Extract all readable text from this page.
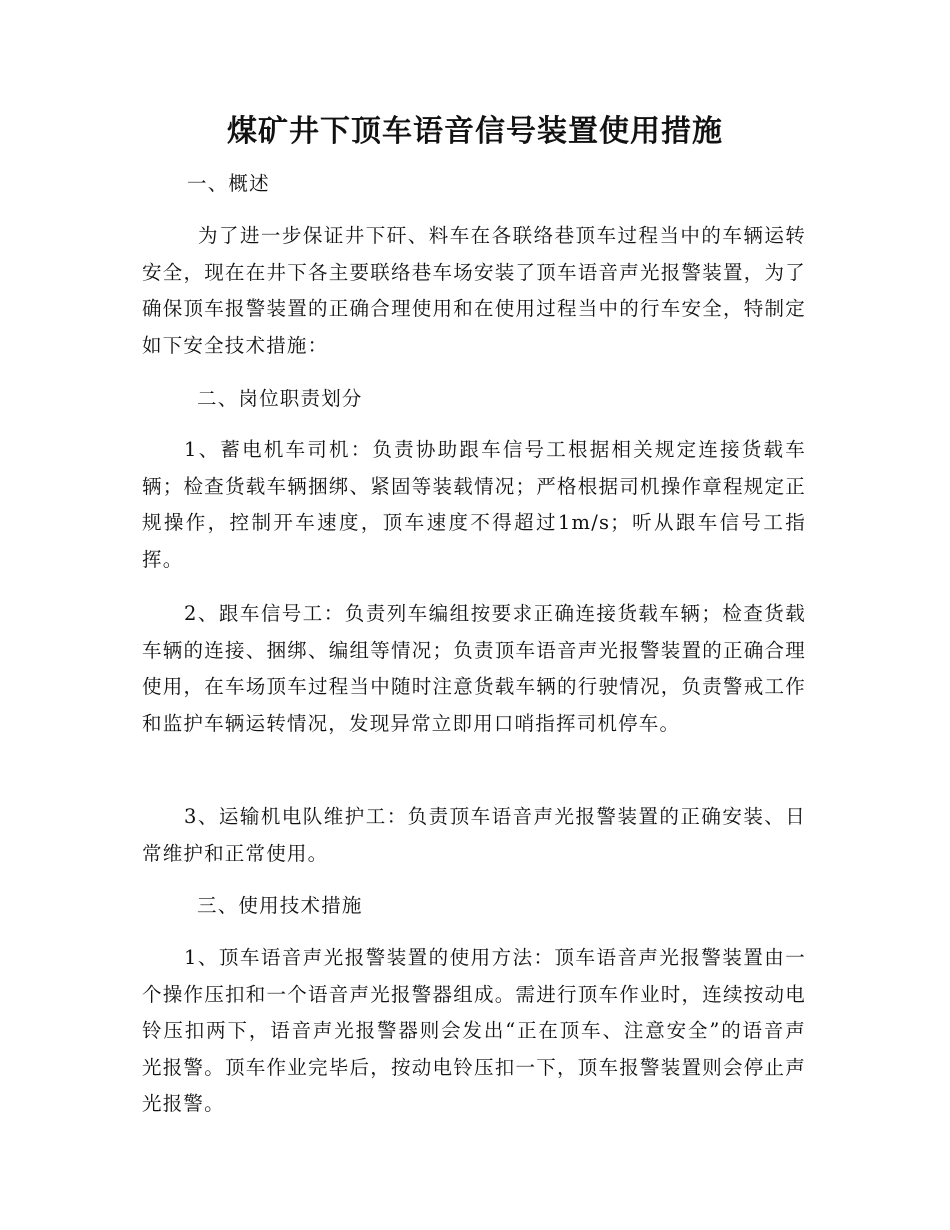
煤矿井下顶车语音信号装置使用措施

一、概述

为了进一步保证井下矸、料车在各联络巷顶车过程当中的车辆运转安全，现在在井下各主要联络巷车场安装了顶车语音声光报警装置，为了确保顶车报警装置的正确合理使用和在使用过程当中的行车安全，特制定如下安全技术措施：

二、岗位职责划分

1、蓄电机车司机：负责协助跟车信号工根据相关规定连接货载车辆；检查货载车辆捆绑、紧固等装载情况；严格根据司机操作章程规定正规操作，控制开车速度，顶车速度不得超过1m/s；听从跟车信号工指挥。

2、跟车信号工：负责列车编组按要求正确连接货载车辆；检查货载车辆的连接、捆绑、编组等情况；负责顶车语音声光报警装置的正确合理使用，在车场顶车过程当中随时注意货载车辆的行驶情况，负责警戒工作和监护车辆运转情况，发现异常立即用口哨指挥司机停车。

3、运输机电队维护工：负责顶车语音声光报警装置的正确安装、日常维护和正常使用。

三、使用技术措施

1、顶车语音声光报警装置的使用方法：顶车语音声光报警装置由一个操作压扣和一个语音声光报警器组成。需进行顶车作业时，连续按动电铃压扣两下，语音声光报警器则会发出“正在顶车、注意安全”的语音声光报警。顶车作业完毕后，按动电铃压扣一下，顶车报警装置则会停止声光报警。
